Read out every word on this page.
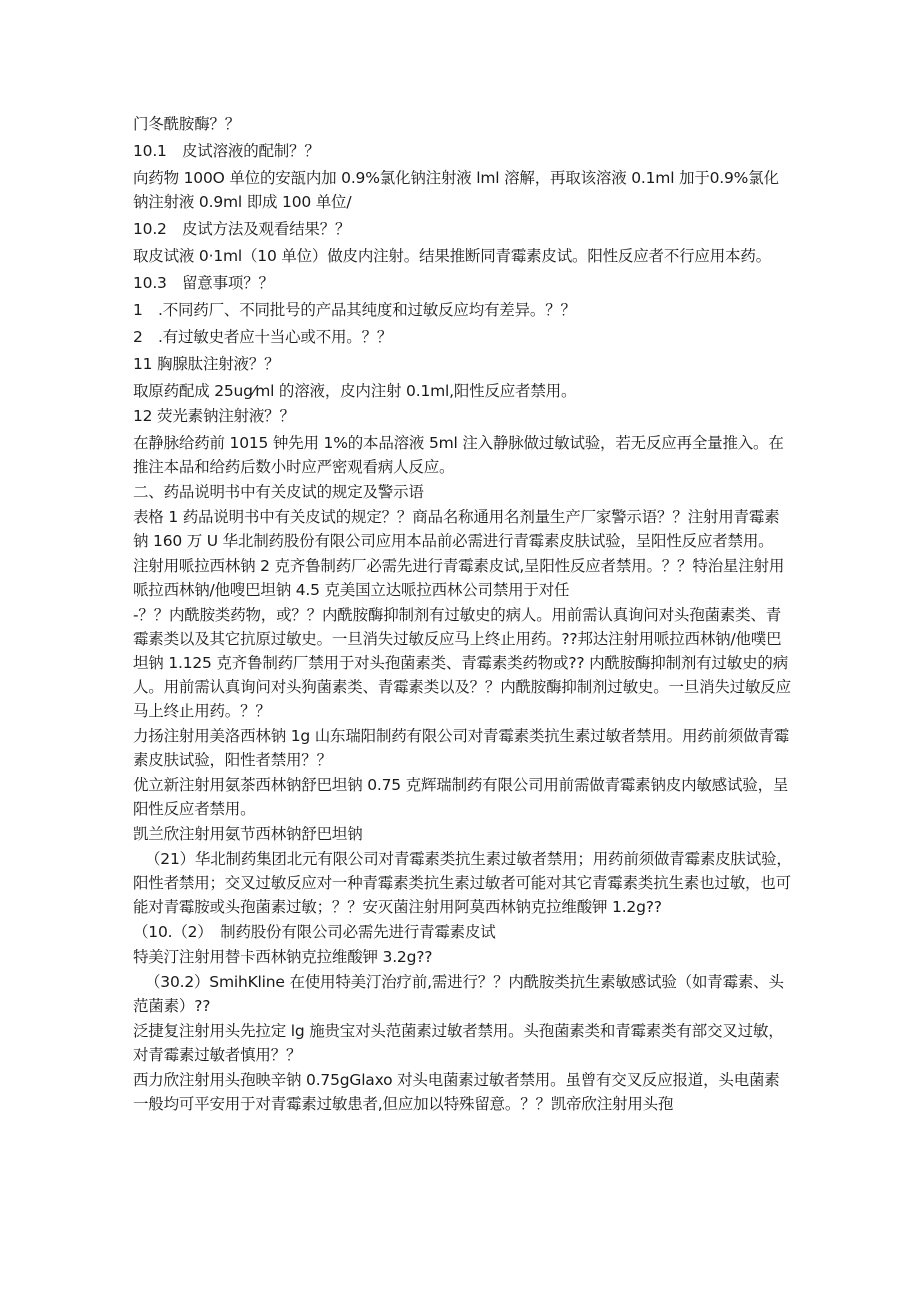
门冬酰胺酶？？

10.1　皮试溶液的配制？？

向药物 100O 单位的安瓿内加 0.9%氯化钠注射液 lml 溶解，再取该溶液 0.1ml 加于0.9%氯化钠注射液 0.9ml 即成 100 单位/

10.2　皮试方法及观看结果？？

取皮试液 0·1ml（10 单位）做皮内注射。结果推断同青霉素皮试。阳性反应者不行应用本药。

10.3　留意事项？？

1　.不同药厂、不同批号的产品其纯度和过敏反应均有差异。？？

2　.有过敏史者应十当心或不用。？？

11 胸腺肽注射液？？

取原药配成 25ug⁄ml 的溶液，皮内注射 0.1ml,阳性反应者禁用。

12 荧光素钠注射液？？

在静脉给药前 1015 钟先用 1%的本品溶液 5ml 注入静脉做过敏试验，若无反应再全量推入。在推注本品和给药后数小时应严密观看病人反应。

二、药品说明书中有关皮试的规定及警示语

表格 1 药品说明书中有关皮试的规定？？商品名称通用名剂量生产厂家警示语？？注射用青霉素钠 160 万 U 华北制药股份有限公司应用本品前必需进行青霉素皮肤试验，呈阳性反应者禁用。

注射用哌拉西林钠 2 克齐鲁制药厂必需先进行青霉素皮试,呈阳性反应者禁用。？？特治星注射用哌拉西林钠/他嗖巴坦钠 4.5 克美国立达哌拉西林公司禁用于对任

-？？内酰胺类药物，或？？内酰胺酶抑制剂有过敏史的病人。用前需认真询问对头孢菌素类、青霉素类以及其它抗原过敏史。一旦消失过敏反应马上终止用药。??邦达注射用哌拉西林钠/他噗巴坦钠 1.125 克齐鲁制药厂禁用于对头孢菌素类、青霉素类药物或?? 内酰胺酶抑制剂有过敏史的病人。用前需认真询问对头狗菌素类、青霉素类以及？？内酰胺酶抑制剂过敏史。一旦消失过敏反应马上终止用药。？？

力扬注射用美洛西林钠 1g 山东瑞阳制药有限公司对青霉素类抗生素过敏者禁用。用药前须做青霉素皮肤试验，阳性者禁用？？

优立新注射用氨茶西林钠舒巴坦钠 0.75 克辉瑞制药有限公司用前需做青霉素钠皮内敏感试验，呈阳性反应者禁用。

凯兰欣注射用氨节西林钠舒巴坦钠

（21）华北制药集团北元有限公司对青霉素类抗生素过敏者禁用；用药前须做青霉素皮肤试验，阳性者禁用；交叉过敏反应对一种青霉素类抗生素过敏者可能对其它青霉素类抗生素也过敏，也可能对青霉胺或头孢菌素过敏；？？安灭菌注射用阿莫西林钠克拉维酸钾 1.2g??

（10.（2）　制药股份有限公司必需先进行青霉素皮试

特美汀注射用替卡西林钠克拉维酸钾 3.2g??

（30.2）SmihKline 在使用特美汀治疗前,需进行？？内酰胺类抗生素敏感试验（如青霉素、头范菌素）??

泛捷复注射用头先拉定 lg 施贵宝对头范菌素过敏者禁用。头孢菌素类和青霉素类有部交叉过敏，对青霉素过敏者慎用？？

西力欣注射用头孢映辛钠 0.75gGlaxo 对头电菌素过敏者禁用。虽曾有交叉反应报道，头电菌素一般均可平安用于对青霉素过敏患者,但应加以特殊留意。？？凯帝欣注射用头孢
